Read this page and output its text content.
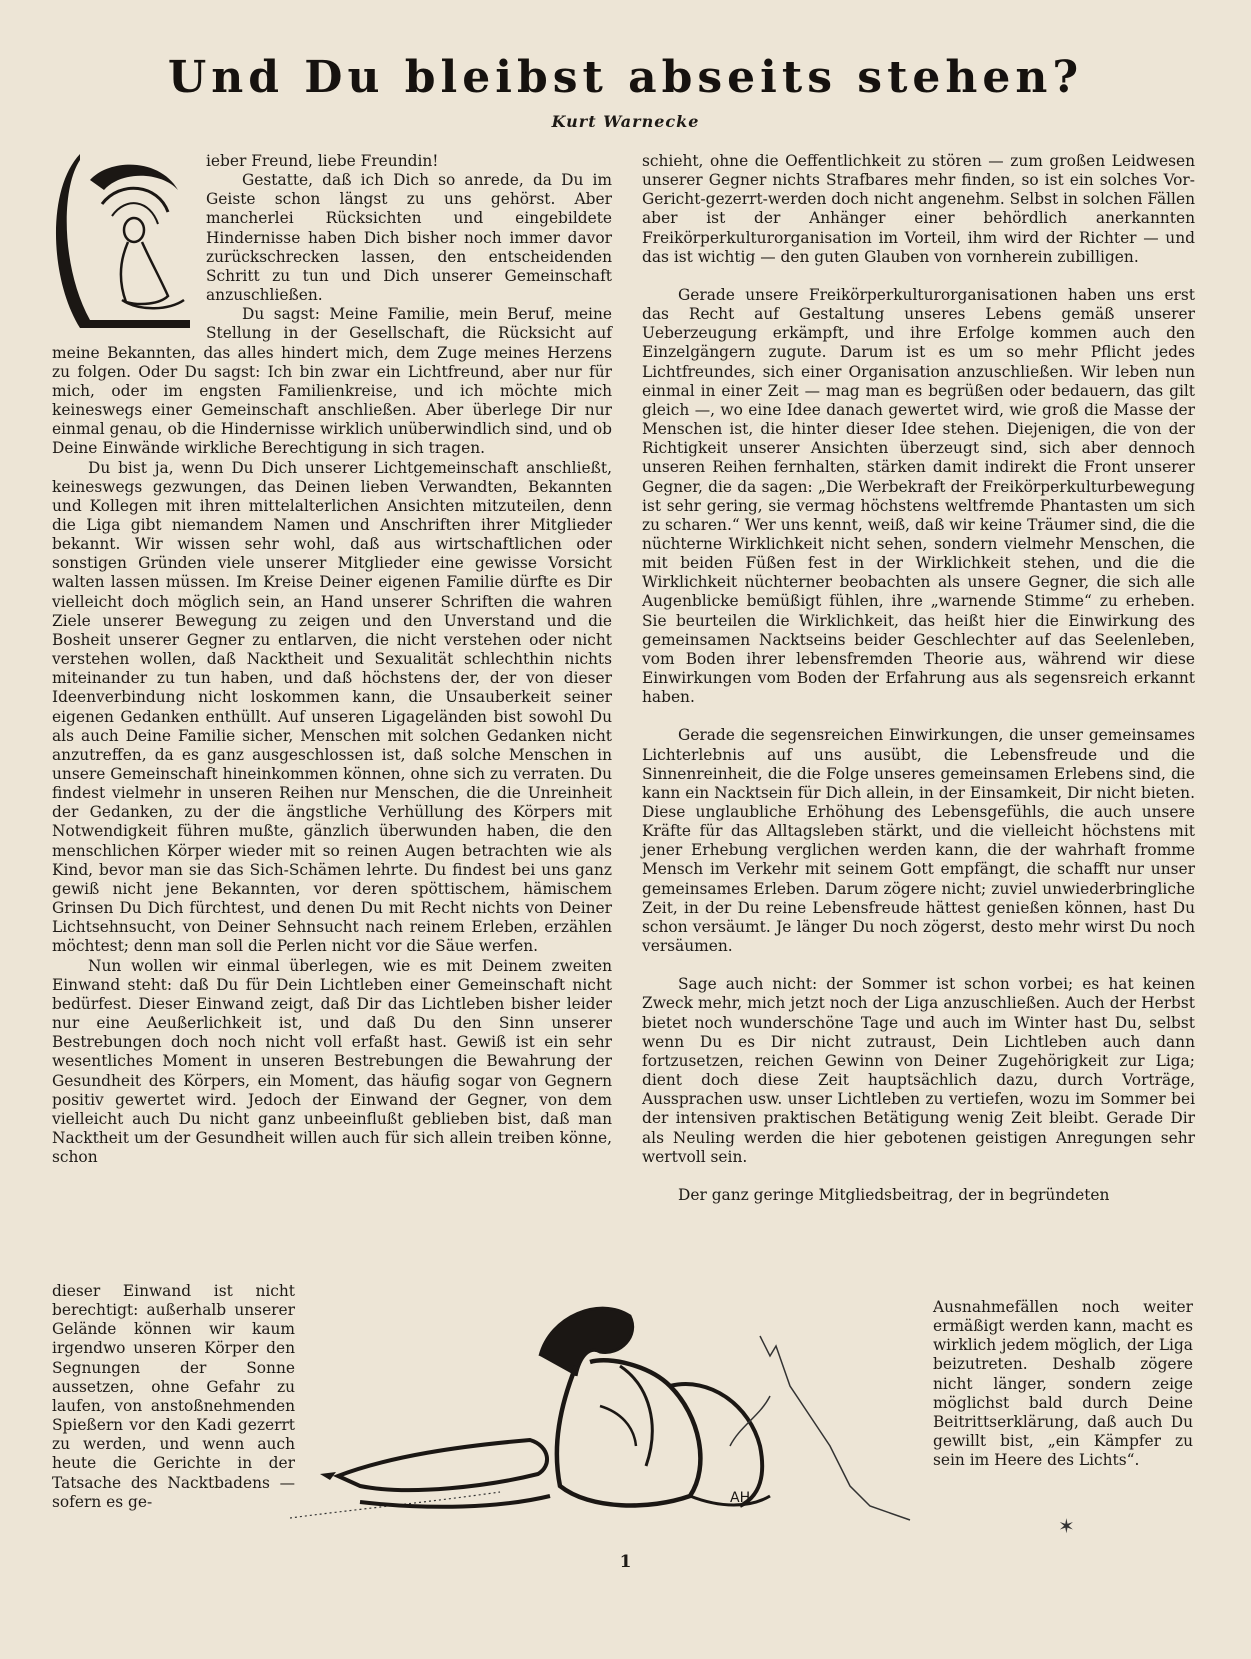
Und Du bleibst abseits stehen?
Kurt Warnecke

ieber Freund, liebe Freundin!

Gestatte, daß ich Dich so anrede, da Du im Geiste schon längst zu uns gehörst. Aber mancherlei Rücksichten und eingebildete Hindernisse haben Dich bisher noch immer davor zurückschrecken lassen, den entscheidenden Schritt zu tun und Dich unserer Gemeinschaft anzuschließen.

Du sagst: Meine Familie, mein Beruf, meine Stellung in der Gesellschaft, die Rücksicht auf meine Bekannten, das alles hindert mich, dem Zuge meines Herzens zu folgen. Oder Du sagst: Ich bin zwar ein Lichtfreund, aber nur für mich, oder im engsten Familienkreise, und ich möchte mich keineswegs einer Gemeinschaft anschließen. Aber überlege Dir nur einmal genau, ob die Hindernisse wirklich unüberwindlich sind, und ob Deine Einwände wirkliche Berechtigung in sich tragen.

Du bist ja, wenn Du Dich unserer Lichtgemeinschaft anschließt, keineswegs gezwungen, das Deinen lieben Verwandten, Bekannten und Kollegen mit ihren mittelalterlichen Ansichten mitzuteilen, denn die Liga gibt niemandem Namen und Anschriften ihrer Mitglieder bekannt. Wir wissen sehr wohl, daß aus wirtschaftlichen oder sonstigen Gründen viele unserer Mitglieder eine gewisse Vorsicht walten lassen müssen. Im Kreise Deiner eigenen Familie dürfte es Dir vielleicht doch möglich sein, an Hand unserer Schriften die wahren Ziele unserer Bewegung zu zeigen und den Unverstand und die Bosheit unserer Gegner zu entlarven, die nicht verstehen oder nicht verstehen wollen, daß Nacktheit und Sexualität schlechthin nichts miteinander zu tun haben, und daß höchstens der, der von dieser Ideenverbindung nicht loskommen kann, die Unsauberkeit seiner eigenen Gedanken enthüllt. Auf unseren Ligageländen bist sowohl Du als auch Deine Familie sicher, Menschen mit solchen Gedanken nicht anzutreffen, da es ganz ausgeschlossen ist, daß solche Menschen in unsere Gemeinschaft hineinkommen können, ohne sich zu verraten. Du findest vielmehr in unseren Reihen nur Menschen, die die Unreinheit der Gedanken, zu der die ängstliche Verhüllung des Körpers mit Notwendigkeit führen mußte, gänzlich überwunden haben, die den menschlichen Körper wieder mit so reinen Augen betrachten wie als Kind, bevor man sie das Sich-Schämen lehrte. Du findest bei uns ganz gewiß nicht jene Bekannten, vor deren spöttischem, hämischem Grinsen Du Dich fürchtest, und denen Du mit Recht nichts von Deiner Lichtsehnsucht, von Deiner Sehnsucht nach reinem Erleben, erzählen möchtest; denn man soll die Perlen nicht vor die Säue werfen.

Nun wollen wir einmal überlegen, wie es mit Deinem zweiten Einwand steht: daß Du für Dein Lichtleben einer Gemeinschaft nicht bedürfest. Dieser Einwand zeigt, daß Dir das Lichtleben bisher leider nur eine Aeußerlichkeit ist, und daß Du den Sinn unserer Bestrebungen doch noch nicht voll erfaßt hast. Gewiß ist ein sehr wesentliches Moment in unseren Bestrebungen die Bewahrung der Gesundheit des Körpers, ein Moment, das häufig sogar von Gegnern positiv gewertet wird. Jedoch der Einwand der Gegner, von dem vielleicht auch Du nicht ganz unbeeinflußt geblieben bist, daß man Nacktheit um der Gesundheit willen auch für sich allein treiben könne, schon

dieser Einwand ist nicht berechtigt: außerhalb unserer Gelände können wir kaum irgendwo unseren Körper den Segnungen der Sonne aussetzen, ohne Gefahr zu laufen, von anstoßnehmenden Spießern vor den Kadi gezerrt zu werden, und wenn auch heute die Gerichte in der Tatsache des Nacktbadens — sofern es ge-

schieht, ohne die Oeffentlichkeit zu stören — zum großen Leidwesen unserer Gegner nichts Strafbares mehr finden, so ist ein solches Vor-Gericht-gezerrt-werden doch nicht angenehm. Selbst in solchen Fällen aber ist der Anhänger einer behördlich anerkannten Freikörperkulturorganisation im Vorteil, ihm wird der Richter — und das ist wichtig — den guten Glauben von vornherein zubilligen.

Gerade unsere Freikörperkulturorganisationen haben uns erst das Recht auf Gestaltung unseres Lebens gemäß unserer Ueberzeugung erkämpft, und ihre Erfolge kommen auch den Einzelgängern zugute. Darum ist es um so mehr Pflicht jedes Lichtfreundes, sich einer Organisation anzuschließen. Wir leben nun einmal in einer Zeit — mag man es begrüßen oder bedauern, das gilt gleich —, wo eine Idee danach gewertet wird, wie groß die Masse der Menschen ist, die hinter dieser Idee stehen. Diejenigen, die von der Richtigkeit unserer Ansichten überzeugt sind, sich aber dennoch unseren Reihen fernhalten, stärken damit indirekt die Front unserer Gegner, die da sagen: „Die Werbekraft der Freikörperkulturbewegung ist sehr gering, sie vermag höchstens weltfremde Phantasten um sich zu scharen.“ Wer uns kennt, weiß, daß wir keine Träumer sind, die die nüchterne Wirklichkeit nicht sehen, sondern vielmehr Menschen, die mit beiden Füßen fest in der Wirklichkeit stehen, und die die Wirklichkeit nüchterner beobachten als unsere Gegner, die sich alle Augenblicke bemüßigt fühlen, ihre „warnende Stimme“ zu erheben. Sie beurteilen die Wirklichkeit, das heißt hier die Einwirkung des gemeinsamen Nacktseins beider Geschlechter auf das Seelenleben, vom Boden ihrer lebensfremden Theorie aus, während wir diese Einwirkungen vom Boden der Erfahrung aus als segensreich erkannt haben.

Gerade die segensreichen Einwirkungen, die unser gemeinsames Lichterlebnis auf uns ausübt, die Lebensfreude und die Sinnenreinheit, die die Folge unseres gemeinsamen Erlebens sind, die kann ein Nacktsein für Dich allein, in der Einsamkeit, Dir nicht bieten. Diese unglaubliche Erhöhung des Lebensgefühls, die auch unsere Kräfte für das Alltagsleben stärkt, und die vielleicht höchstens mit jener Erhebung verglichen werden kann, die der wahrhaft fromme Mensch im Verkehr mit seinem Gott empfängt, die schafft nur unser gemeinsames Erleben. Darum zögere nicht; zuviel unwiederbringliche Zeit, in der Du reine Lebensfreude hättest genießen können, hast Du schon versäumt. Je länger Du noch zögerst, desto mehr wirst Du noch versäumen.

Sage auch nicht: der Sommer ist schon vorbei; es hat keinen Zweck mehr, mich jetzt noch der Liga anzuschließen. Auch der Herbst bietet noch wunderschöne Tage und auch im Winter hast Du, selbst wenn Du es Dir nicht zutraust, Dein Lichtleben auch dann fortzusetzen, reichen Gewinn von Deiner Zugehörigkeit zur Liga; dient doch diese Zeit hauptsächlich dazu, durch Vorträge, Aussprachen usw. unser Lichtleben zu vertiefen, wozu im Sommer bei der intensiven praktischen Betätigung wenig Zeit bleibt. Gerade Dir als Neuling werden die hier gebotenen geistigen Anregungen sehr wertvoll sein.

Der ganz geringe Mitgliedsbeitrag, der in begründeten

Ausnahmefällen noch weiter ermäßigt werden kann, macht es wirklich jedem möglich, der Liga beizutreten. Deshalb zögere nicht länger, sondern zeige möglichst bald durch Deine Beitrittserklärung, daß auch Du gewillt bist, „ein Kämpfer zu sein im Heere des Lichts“.

AH
✶
1
